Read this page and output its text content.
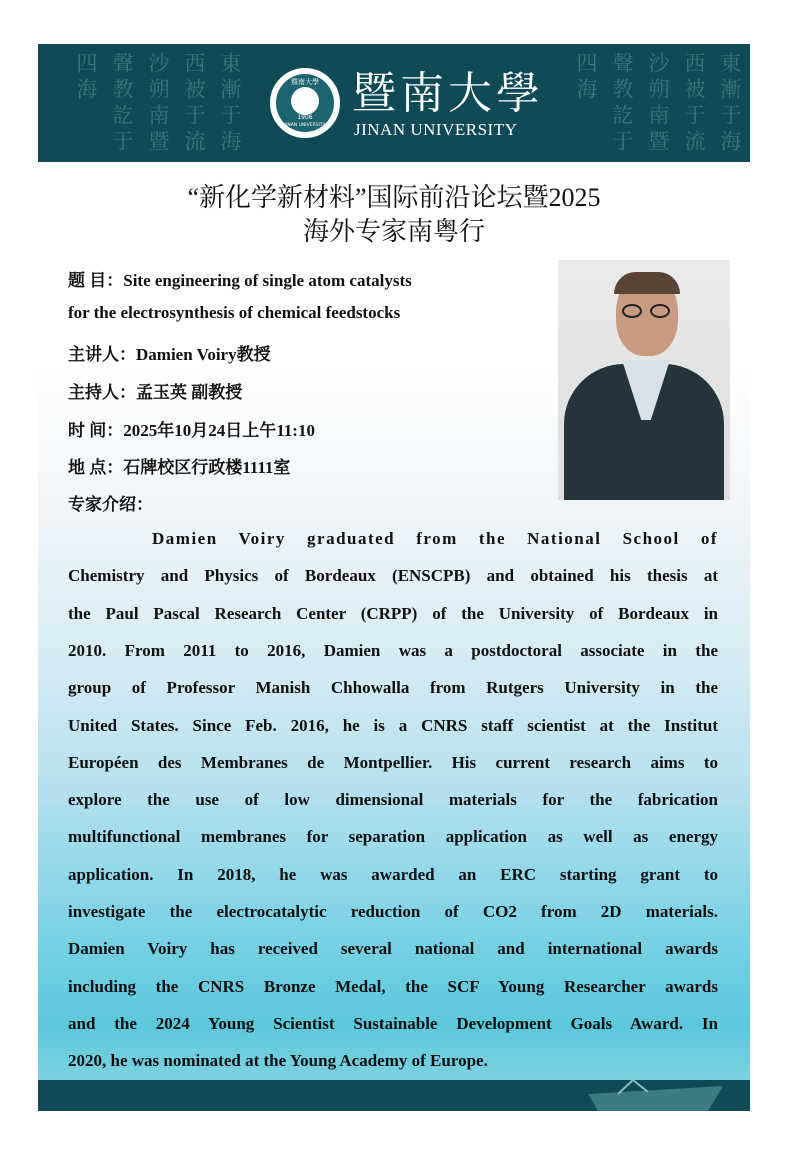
東漸于海西被于流沙朔南暨聲教訖于四海	東漸于海西被于流沙朔南暨聲教訖于四海
暨南大學
1906
JINAN UNIVERSITY
暨南大學
JINAN UNIVERSITY
“新化学新材料”国际前沿论坛暨2025
海外专家南粤行
题 目：Site engineering of single atom catalysts
for the electrosynthesis of chemical feedstocks
主讲人：Damien Voiry教授
主持人：孟玉英 副教授
时 间：2025年10月24日上午11:10
地 点：石牌校区行政楼1111室
专家介绍：
Damien Voiry graduated from the National School of
Chemistry and Physics of Bordeaux (ENSCPB) and obtained his thesis at
the Paul Pascal Research Center (CRPP) of the University of Bordeaux in
2010. From 2011 to 2016, Damien was a postdoctoral associate in the
group of Professor Manish Chhowalla from Rutgers University in the
United States. Since Feb. 2016, he is a CNRS staff scientist at the Institut
Européen des Membranes de Montpellier. His current research aims to
explore the use of low dimensional materials for the fabrication
multifunctional membranes for separation application as well as energy
application. In 2018, he was awarded an ERC starting grant to
investigate the electrocatalytic reduction of CO2 from 2D materials.
Damien Voiry has received several national and international awards
including the CNRS Bronze Medal, the SCF Young Researcher awards
and the 2024 Young Scientist Sustainable Development Goals Award. In
2020, he was nominated at the Young Academy of Europe.
